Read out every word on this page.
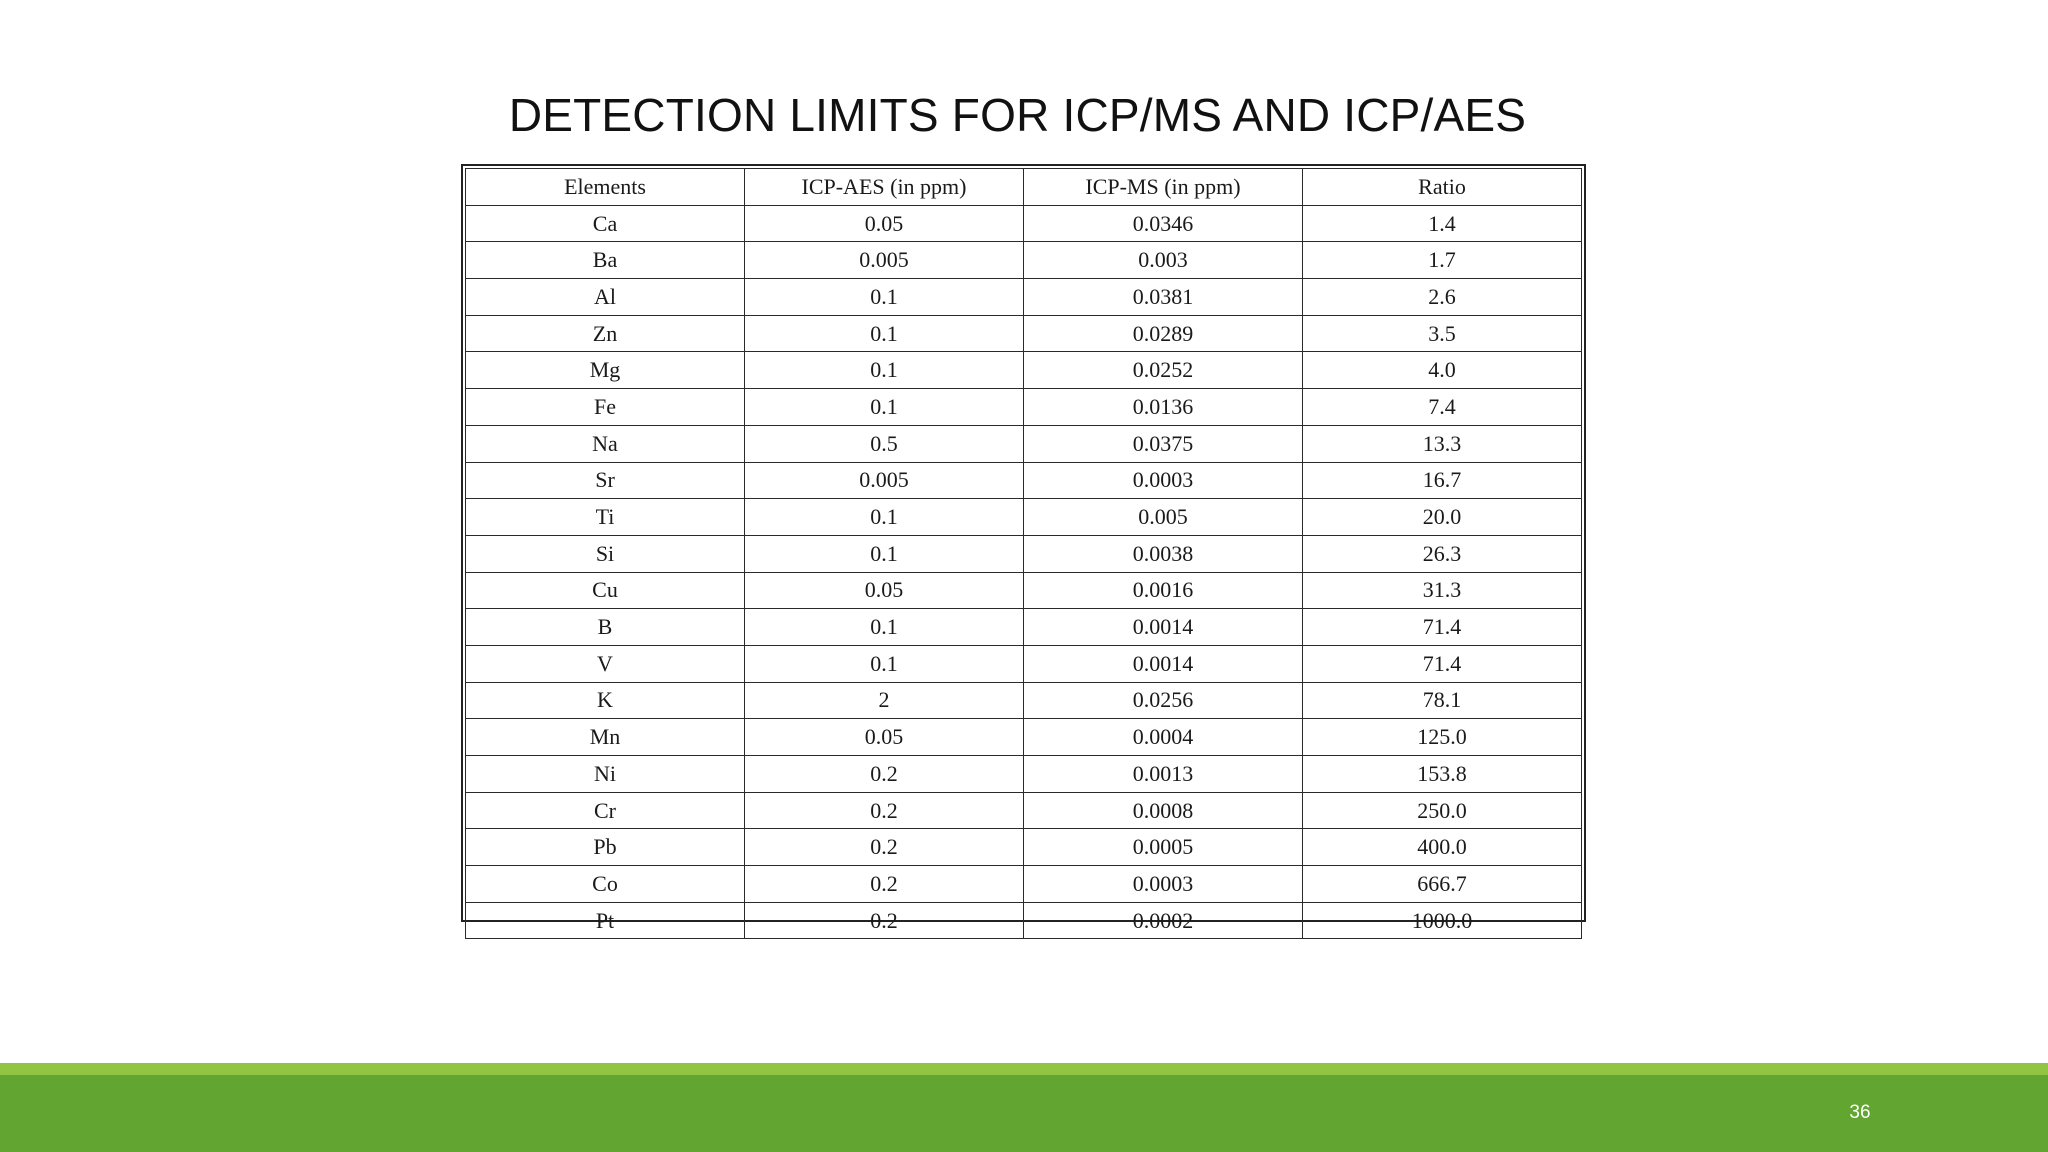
DETECTION LIMITS FOR ICP/MS AND ICP/AES
Elements	ICP-AES (in ppm)	ICP-MS (in ppm)	Ratio
Ca	0.05	0.0346	1.4
Ba	0.005	0.003	1.7
Al	0.1	0.0381	2.6
Zn	0.1	0.0289	3.5
Mg	0.1	0.0252	4.0
Fe	0.1	0.0136	7.4
Na	0.5	0.0375	13.3
Sr	0.005	0.0003	16.7
Ti	0.1	0.005	20.0
Si	0.1	0.0038	26.3
Cu	0.05	0.0016	31.3
B	0.1	0.0014	71.4
V	0.1	0.0014	71.4
K	2	0.0256	78.1
Mn	0.05	0.0004	125.0
Ni	0.2	0.0013	153.8
Cr	0.2	0.0008	250.0
Pb	0.2	0.0005	400.0
Co	0.2	0.0003	666.7
Pt	0.2	0.0002	1000.0
36
